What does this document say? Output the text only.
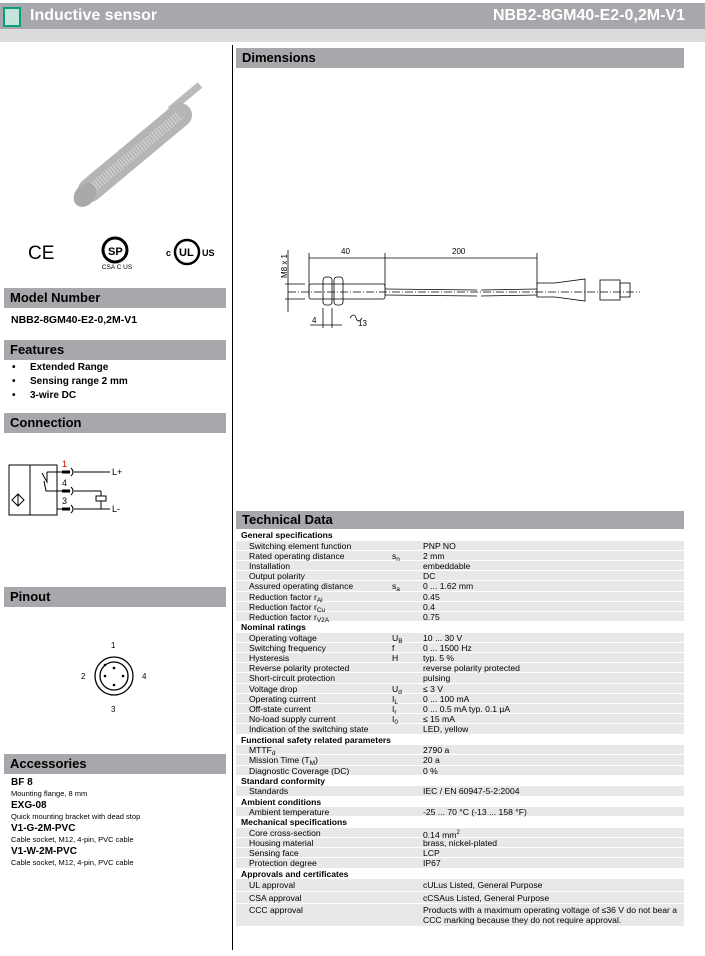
Inductive sensor	NBB2-8GM40-E2-0,2M-V1
CE	SP
CSA C US
c UL US
Model Number
NBB2-8GM40-E2-0,2M-V1
Features
• Extended Range
• Sensing range 2 mm
• 3-wire DC
Connection
1
4
3
L+
L-
Pinout
1
2
3
4
Accessories
BF 8
Mounting flange, 8 mm
EXG-08
Quick mounting bracket with dead stop
V1-G-2M-PVC
Cable socket, M12, 4-pin, PVC cable
V1-W-2M-PVC
Cable socket, M12, 4-pin, PVC cable
Dimensions
M8 x 1
40	200
4	13
Technical Data
General specifications
Switching element function	PNP NO
Rated operating distance	$s_n$	2 mm
Installation	embeddable
Output polarity	DC
Assured operating distance	$s_a$	0 ... 1.62 mm
Reduction factor $r_{Al}$	0.45
Reduction factor $r_{Cu}$	0.4
Reduction factor $r_{V2A}$	0.75
Nominal ratings
Operating voltage	$U_B$	10 ... 30 V
Switching frequency	f	0 ... 1500 Hz
Hysteresis	H	typ. 5 %
Reverse polarity protected	reverse polarity protected
Short-circuit protection	pulsing
Voltage drop	$U_d$	≤ 3 V
Operating current	$I_L$	0 ... 100 mA
Off-state current	$I_r$	0 ... 0.5 mA typ. 0.1 µA
No-load supply current	$I_0$	≤ 15 mA
Indication of the switching state	LED, yellow
Functional safety related parameters
$MTTF_d$	2790 a
Mission Time $(T_M)$	20 a
Diagnostic Coverage (DC)	0 %
Standard conformity
Standards	IEC / EN 60947-5-2:2004
Ambient conditions
Ambient temperature	-25 ... 70 °C (-13 ... 158 °F)
Mechanical specifications
Core cross-section	0.14 $mm^2$
Housing material	brass, nickel-plated
Sensing face	LCP
Protection degree	IP67
Approvals and certificates
UL approval	cULus Listed, General Purpose
CSA approval	cCSAus Listed, General Purpose
CCC approval	Products with a maximum operating voltage of ≤36 V do not bear a CCC marking because they do not require approval.
